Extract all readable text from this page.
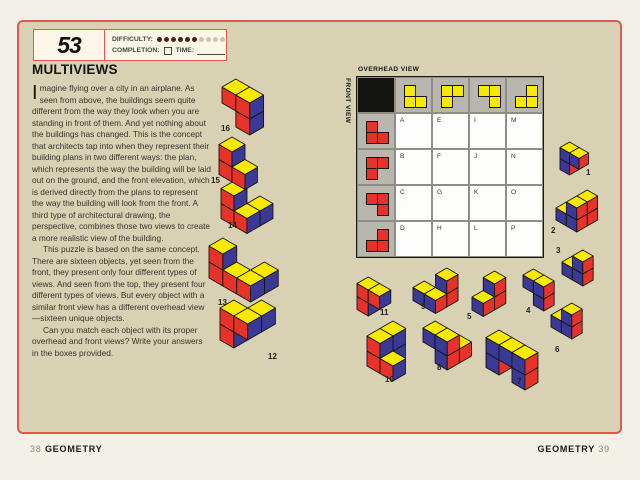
53	DIFFICULTY:
COMPLETION: TIME:
MULTIVIEWS

Imagine flying over a city in an airplane. As seen from above, the buildings seem quite different from the way they look when you are standing in front of them. And yet nothing about the buildings has changed. This is the concept that architects tap into when they represent their building plans in two different ways: the plan, which represents the way the building will be laid out on the ground, and the front elevation, which is derived directly from the plans to represent the way the building will look from the front. A third type of architectural drawing, the perspective, combines those two views to create a more realistic view of the building.

This puzzle is based on the same concept. There are sixteen objects, yet seen from the front, they present only four different types of views. And seen from the top, they present four different types of views. But every object with a similar front view has a different overhead view—sixteen unique objects.

Can you match each object with its proper overhead and front views? Write your answers in the boxes provided.

OVERHEAD VIEW
FRONT VIEW	A	E	I	M
B	F	J	N
C	G	K	O
D	H	L	P
1
2
3
4
5
6
7
8
9
10
11
12
13
14
15
16
38 GEOMETRY	GEOMETRY 39
